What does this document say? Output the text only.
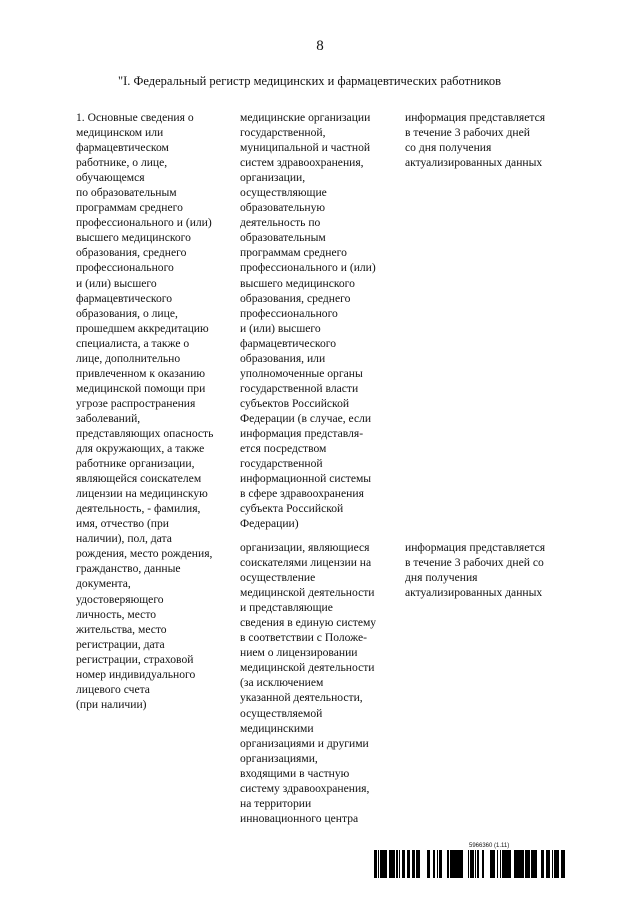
8
"I. Федеральный регистр медицинских и фармацевтических работников
1. Основные сведения о
медицинском или
фармацевтическом
работнике, о лице,
обучающемся
по образовательным
программам среднего
профессионального и (или)
высшего медицинского
образования, среднего
профессионального
и (или) высшего
фармацевтического
образования, о лице,
прошедшем аккредитацию
специалиста, а также о
лице, дополнительно
привлеченном к оказанию
медицинской помощи при
угрозе распространения
заболеваний,
представляющих опасность
для окружающих, а также
работнике организации,
являющейся соискателем
лицензии на медицинскую
деятельность, - фамилия,
имя, отчество (при
наличии), пол, дата
рождения, место рождения,
гражданство, данные
документа,
удостоверяющего
личность, место
жительства, место
регистрации, дата
регистрации, страховой
номер индивидуального
лицевого счета
(при наличии)
медицинские организации
государственной,
муниципальной и частной
систем здравоохранения,
организации,
осуществляющие
образовательную
деятельность по
образовательным
программам среднего
профессионального и (или)
высшего медицинского
образования, среднего
профессионального
и (или) высшего
фармацевтического
образования, или
уполномоченные органы
государственной власти
субъектов Российской
Федерации (в случае, если
информация представля-
ется посредством
государственной
информационной системы
в сфере здравоохранения
субъекта Российской
Федерации)
информация представляется
в течение 3 рабочих дней
со дня получения
актуализированных данных
организации, являющиеся
соискателями лицензии на
осуществление
медицинской деятельности
и представляющие
сведения в единую систему
в соответствии с Положе-
нием о лицензировании
медицинской деятельности
(за исключением
указанной деятельности,
осуществляемой
медицинскими
организациями и другими
организациями,
входящими в частную
систему здравоохранения,
на территории
инновационного центра
информация представляется
в течение 3 рабочих дней со
дня получения
актуализированных данных
5966360 (1.11)
